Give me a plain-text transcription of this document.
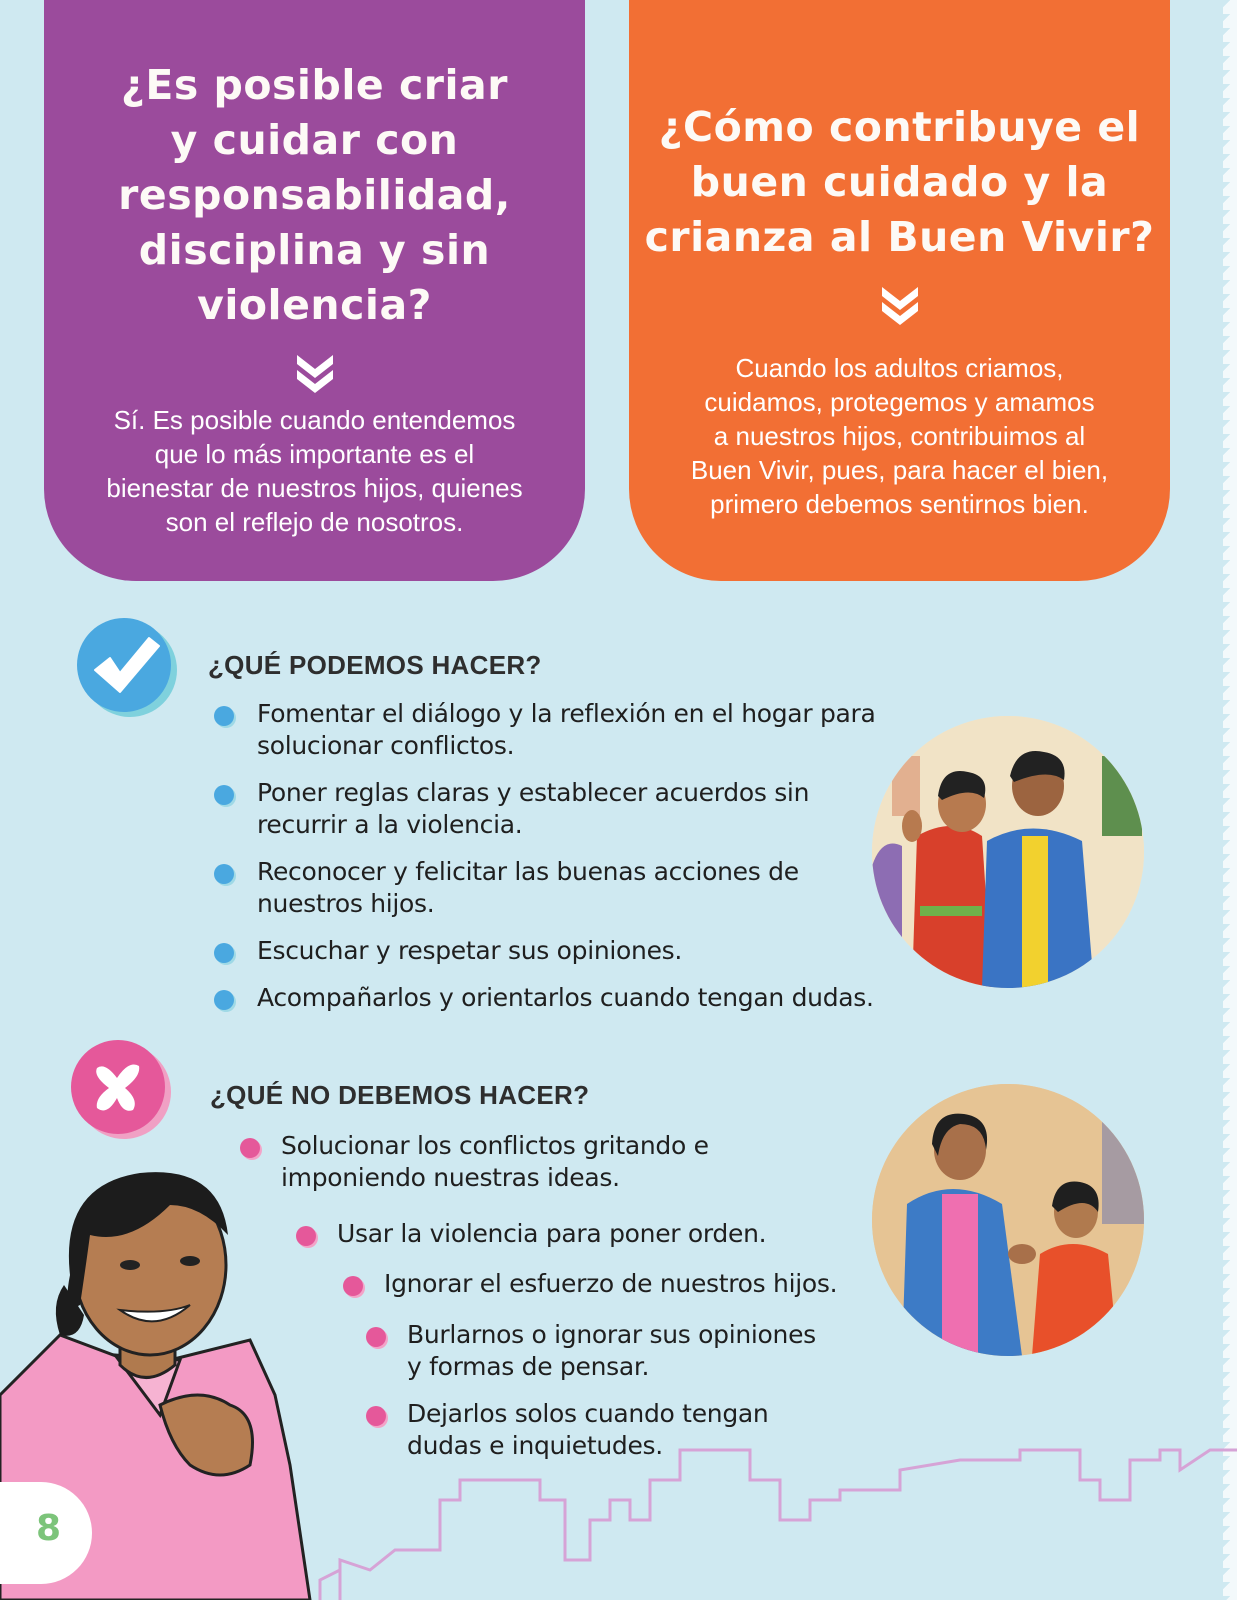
¿Es posible criar
y cuidar con
responsabilidad,
disciplina y sin
violencia?

Sí. Es posible cuando entendemos
que lo más importante es el
bienestar de nuestros hijos, quienes
son el reflejo de nosotros.

¿Cómo contribuye el
buen cuidado y la
crianza al Buen Vivir?

Cuando los adultos criamos,
cuidamos, protegemos y amamos
a nuestros hijos, contribuimos al
Buen Vivir, pues, para hacer el bien,
primero debemos sentirnos bien.

¿QUÉ PODEMOS HACER?
Fomentar el diálogo y la reflexión en el hogar para
solucionar conflictos.
Poner reglas claras y establecer acuerdos sin
recurrir a la violencia.
Reconocer y felicitar las buenas acciones de
nuestros hijos.
Escuchar y respetar sus opiniones.
Acompañarlos y orientarlos cuando tengan dudas.
¿QUÉ NO DEBEMOS HACER?
Solucionar los conflictos gritando e
imponiendo nuestras ideas.
Usar la violencia para poner orden.
Ignorar el esfuerzo de nuestros hijos.
Burlarnos o ignorar sus opiniones
y formas de pensar.
Dejarlos solos cuando tengan
dudas e inquietudes.
8
